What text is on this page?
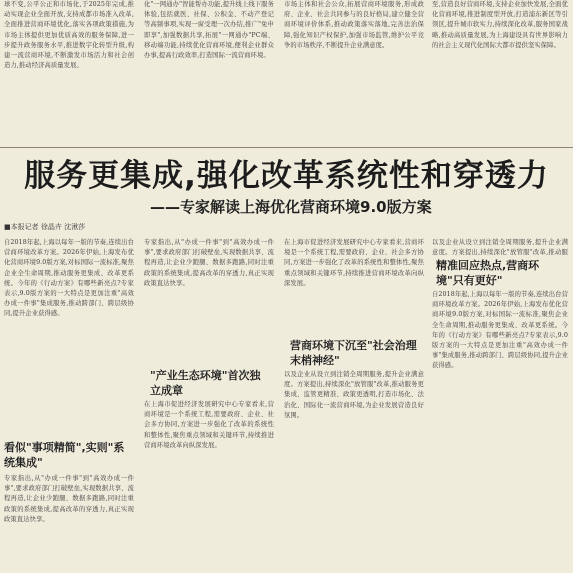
球不变,公平公正和市场化,于2025年完成,推动实现企业全面开放,支持成都市场准入改革,全面推进营商环境优化,落实各项政策措施,为市场主体提供更加优质高效的服务保障,进一步提升政务服务水平,推进数字化转型升级,构建一流营商环境,不断激发市场活力和社会创造力,推动经济高质量发展。
化"一网通办"智能帮办功能,提升线上线下服务体验,包括就医、社保、公积金、不动产登记等高频事项,实现一窗受理一次办结,推广"免申即享",加强数据共享,拓展"一网通办"PC端、移动端功能,持续优化营商环境,便利企业群众办事,提高行政效率,打造国际一流营商环境。
市场主体和社会公众,拓展营商环境服务,形成政府、企业、社会共同参与的良好格局,建立健全营商环境评价体系,推动政策落实落地,完善法治保障,强化知识产权保护,加强市场监管,维护公平竞争的市场秩序,不断提升企业满意度。
至,营造良好营商环境,支持企业加快发展,全面优化营商环境,推进制度型开放,打造浦东新区等引领区,提升城市软实力,持续深化改革,服务国家战略,推动高质量发展,为上海建设具有世界影响力的社会主义现代化国际大都市提供坚实保障。
服务更集成,强化改革系统性和穿透力
——专家解读上海优化营商环境9.0版方案
■本报记者 徐晶卉 沈湫莎
自2018年起,上海以每年一版的节奏,连续出台营商环境改革方案。2026年伊始,上海发布优化营商环境9.0版方案,对标国际一流标准,聚焦企业全生命周期,推动服务更集成、改革更系统。今年的《行动方案》有哪些新亮点?专家表示,9.0版方案的一大特点是更加注重"高效办成一件事"集成服务,推动跨部门、跨层级协同,提升企业获得感。
看似"事项精简",实则"系统集成"
专家指出,从"办成一件事"到"高效办成一件事",要求政府部门打破壁垒,实现数据共享、流程再造,让企业少跑腿、数据多跑路,同时注重政策的系统集成,提高改革的穿透力,真正实现政策直达快享。
专家指出,从"办成一件事"到"高效办成一件事",要求政府部门打破壁垒,实现数据共享、流程再造,让企业少跑腿、数据多跑路,同时注重政策的系统集成,提高改革的穿透力,真正实现政策直达快享。
"产业生态环境"首次独立成章
在上海市促进经济发展研究中心专家看来,营商环境是一个系统工程,需要政府、企业、社会多方协同,方案进一步强化了改革的系统性和整体性,聚焦重点领域和关键环节,持续推进营商环境改革向纵深发展。
在上海市促进经济发展研究中心专家看来,营商环境是一个系统工程,需要政府、企业、社会多方协同,方案进一步强化了改革的系统性和整体性,聚焦重点领域和关键环节,持续推进营商环境改革向纵深发展。
营商环境下沉至"社会治理末梢神经"
以及企业从设立到注销全周期服务,提升企业满意度。方案提出,持续深化"放管服"改革,推动服务更集成、监管更精准、政策更透明,打造市场化、法治化、国际化一流营商环境,为企业发展营造良好氛围。
以及企业从设立到注销全周期服务,提升企业满意度。方案提出,持续深化"放管服"改革,推动服
精准回应热点,营商环境"只有更好"
自2018年起,上海以每年一版的节奏,连续出台营商环境改革方案。2026年伊始,上海发布优化营商环境9.0版方案,对标国际一流标准,聚焦企业全生命周期,推动服务更集成、改革更系统。今年的《行动方案》有哪些新亮点?专家表示,9.0版方案的一大特点是更加注重"高效办成一件事"集成服务,推动跨部门、跨层级协同,提升企业获得感。
